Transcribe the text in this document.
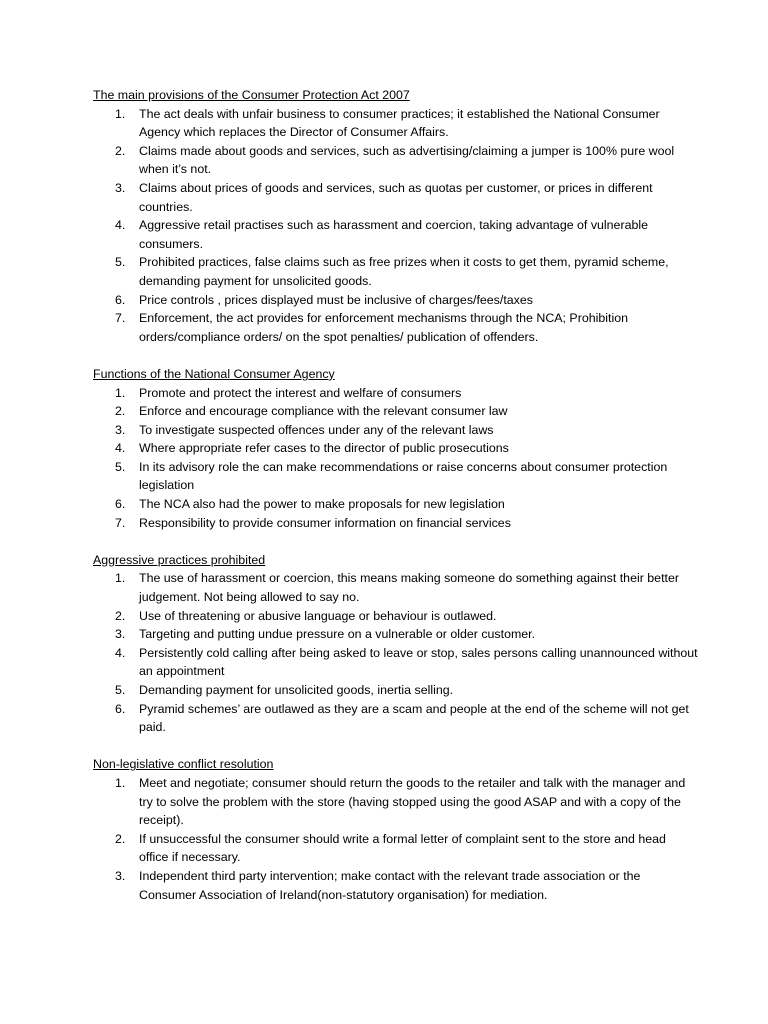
The main provisions of the Consumer Protection Act 2007
1.	The act deals with unfair business to consumer practices; it established the National Consumer Agency which replaces the Director of Consumer Affairs.
2.	Claims made about goods and services, such as advertising/claiming a jumper is 100% pure wool when it’s not.
3.	Claims about prices of goods and services, such as quotas per customer, or prices in different countries.
4.	Aggressive retail practises such as harassment and coercion, taking advantage of vulnerable consumers.
5.	Prohibited practices, false claims such as free prizes when it costs to get them, pyramid scheme, demanding payment for unsolicited goods.
6.	Price controls , prices displayed must be inclusive of charges/fees/taxes
7.	Enforcement, the act provides for enforcement mechanisms through the NCA; Prohibition orders/compliance orders/ on the spot penalties/ publication of offenders.
Functions of the National Consumer Agency
1.	Promote and protect the interest and welfare of consumers
2.	Enforce and encourage compliance with the relevant consumer law
3.	To investigate suspected offences under any of the relevant laws
4.	Where appropriate refer cases to the director of public prosecutions
5.	In its advisory role the can make recommendations or raise concerns about consumer protection legislation
6.	The NCA also had the power to make proposals for new legislation
7.	Responsibility to provide consumer information on financial services
Aggressive practices prohibited
1.	The use of harassment or coercion, this means making someone do something against their better judgement. Not being allowed to say no.
2.	Use of threatening or abusive language or behaviour is outlawed.
3.	Targeting and putting undue pressure on a vulnerable or older customer.
4.	Persistently cold calling after being asked to leave or stop, sales persons calling unannounced without an appointment
5.	Demanding payment for unsolicited goods, inertia selling.
6.	Pyramid schemes’ are outlawed as they are a scam and people at the end of the scheme will not get paid.
Non-legislative conflict resolution
1.	Meet and negotiate; consumer should return the goods to the retailer and talk with the manager and try to solve the problem with the store (having stopped using the good ASAP and with a copy of the receipt).
2.	If unsuccessful the consumer should write a formal letter of complaint sent to the store and head office if necessary.
3.	Independent third party intervention; make contact with the relevant trade association or the Consumer Association of Ireland(non-statutory organisation) for mediation.
